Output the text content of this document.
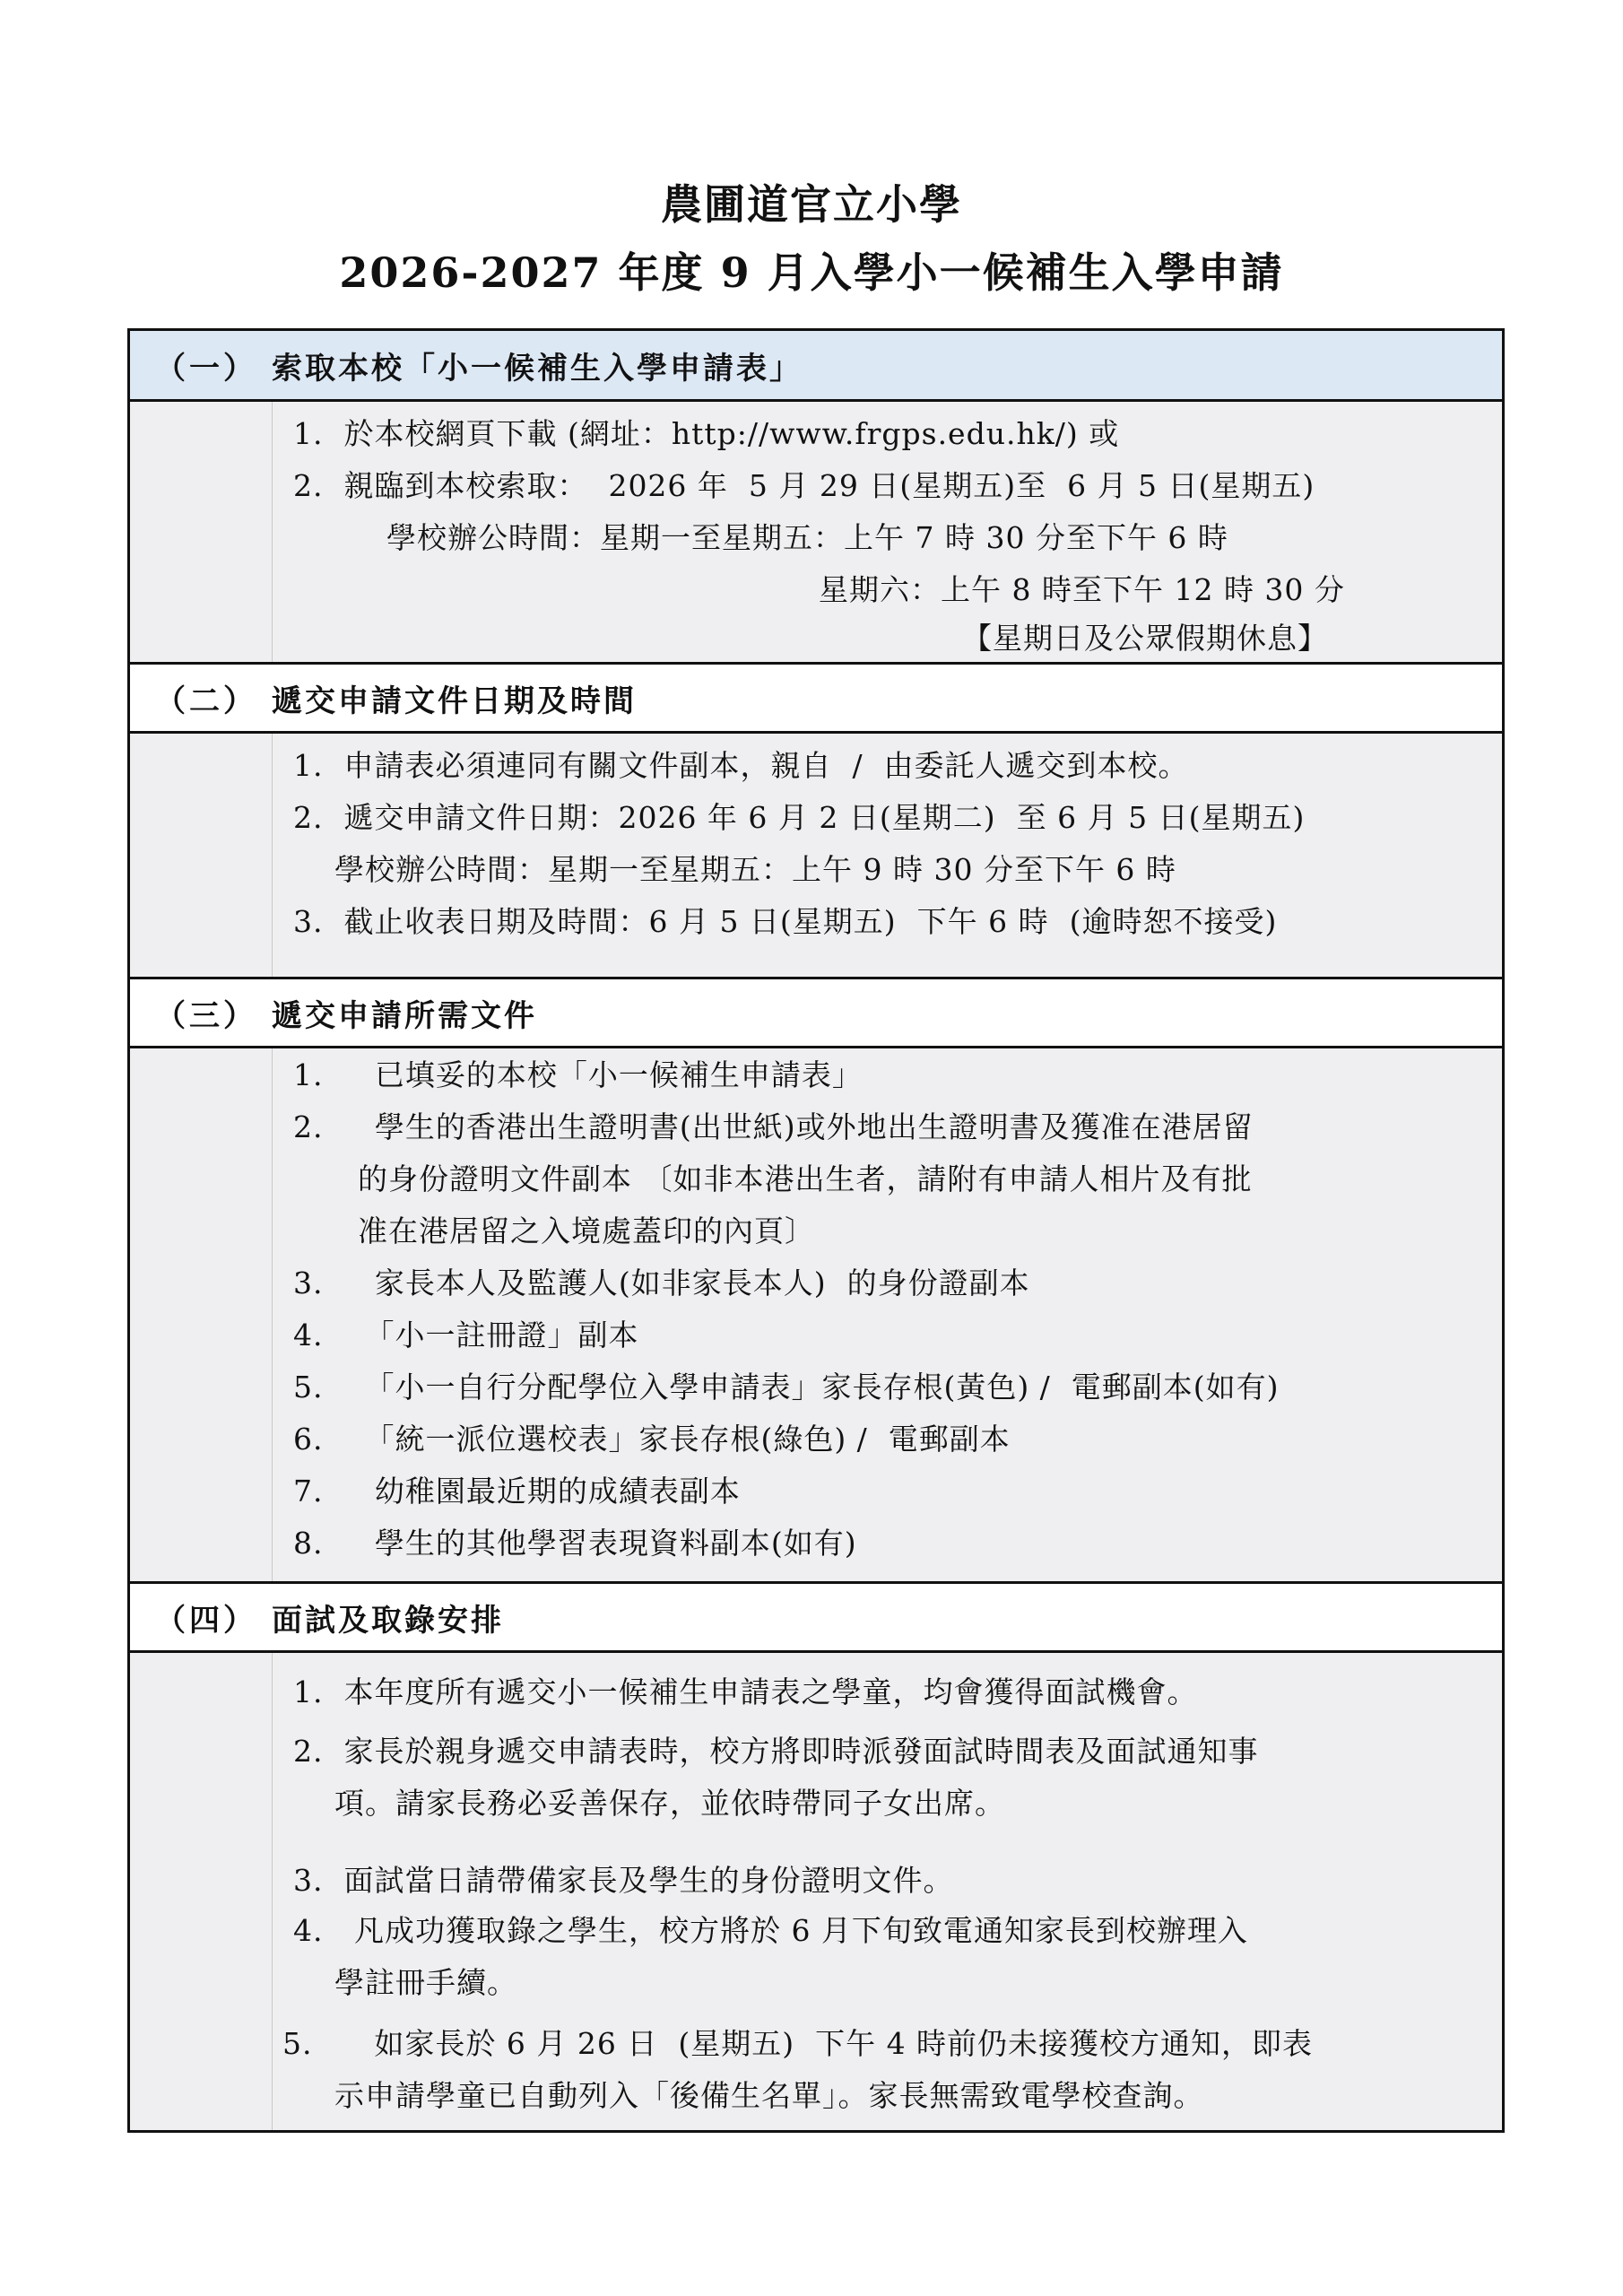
農圃道官立小學
2026-2027 年度 9 月入學小一候補生入學申請
（一） 索取本校「小一候補生入學申請表」
1.  於本校網頁下載 (網址：http://www.frgps.edu.hk/) 或
2.  親臨到本校索取：  2026 年  5 月 29 日(星期五)至  6 月 5 日(星期五)
學校辦公時間：星期一至星期五：上午 7 時 30 分至下午 6 時
星期六：上午 8 時至下午 12 時 30 分
【星期日及公眾假期休息】
（二） 遞交申請文件日期及時間
1.  申請表必須連同有關文件副本，親自  /  由委託人遞交到本校。
2.  遞交申請文件日期：2026 年 6 月 2 日(星期二)  至 6 月 5 日(星期五)
學校辦公時間：星期一至星期五：上午 9 時 30 分至下午 6 時
3.  截止收表日期及時間：6 月 5 日(星期五)  下午 6 時  (逾時恕不接受)
（三） 遞交申請所需文件
1.     已填妥的本校「小一候補生申請表」
2.     學生的香港出生證明書(出世紙)或外地出生證明書及獲准在港居留
的身份證明文件副本 〔如非本港出生者，請附有申請人相片及有批
准在港居留之入境處蓋印的內頁〕
3.     家長本人及監護人(如非家長本人)  的身份證副本
4.    「小一註冊證」副本
5.    「小一自行分配學位入學申請表」家長存根(黃色) /  電郵副本(如有)
6.    「統一派位選校表」家長存根(綠色) /  電郵副本
7.     幼稚園最近期的成績表副本
8.     學生的其他學習表現資料副本(如有)
（四） 面試及取錄安排
1.  本年度所有遞交小一候補生申請表之學童，均會獲得面試機會。
2.  家長於親身遞交申請表時，校方將即時派發面試時間表及面試通知事
項。請家長務必妥善保存，並依時帶同子女出席。
3.  面試當日請帶備家長及學生的身份證明文件。
4.   凡成功獲取錄之學生，校方將於 6 月下旬致電通知家長到校辦理入
學註冊手續。
5.      如家長於 6 月 26 日  (星期五)  下午 4 時前仍未接獲校方通知，即表
示申請學童已自動列入「後備生名單」。家長無需致電學校查詢。
